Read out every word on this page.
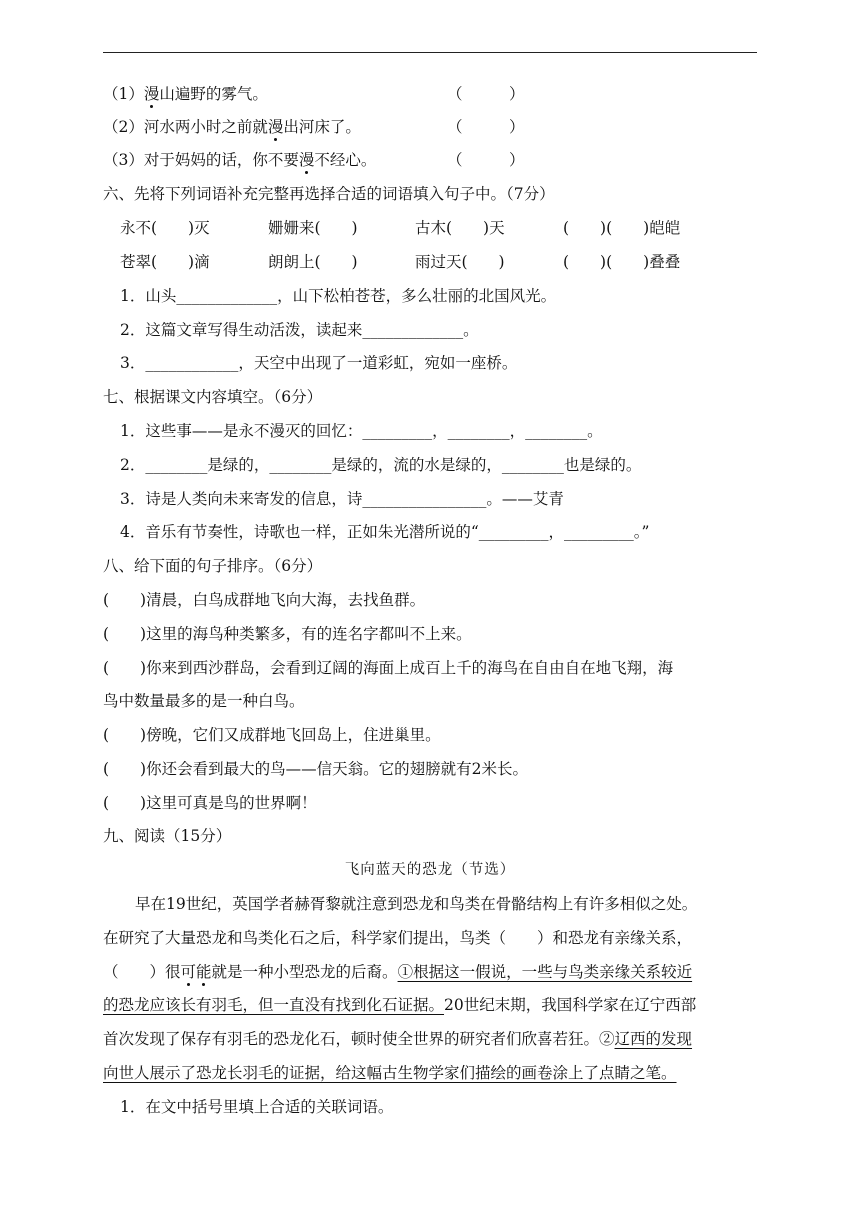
（1）漫山遍野的雾气。	（　　　）
（2）河水两小时之前就漫出河床了。	（　　　）
（3）对于妈妈的话，你不要漫不经心。	（　　　）
六、先将下列词语补充完整再选择合适的词语填入句子中。（7分）
永不(　　)灭	姗姗来(　　)	古木(　　)天	(　　)(　　)皑皑
苍翠(　　)滴	朗朗上(　　)	雨过天(　　)	(　　)(　　)叠叠
1．山头_____________，山下松柏苍苍，多么壮丽的北国风光。
2．这篇文章写得生动活泼，读起来_____________。
3．____________，天空中出现了一道彩虹，宛如一座桥。
七、根据课文内容填空。（6分）
1．这些事——是永不漫灭的回忆：_________，________，________。
2．________是绿的，________是绿的，流的水是绿的，________也是绿的。
3．诗是人类向未来寄发的信息，诗________________。——艾青
4．音乐有节奏性，诗歌也一样，正如朱光潜所说的“_________，_________。”
八、给下面的句子排序。（6分）
(　　)清晨，白鸟成群地飞向大海，去找鱼群。
(　　)这里的海鸟种类繁多，有的连名字都叫不上来。
(　　)你来到西沙群岛，会看到辽阔的海面上成百上千的海鸟在自由自在地飞翔，海
鸟中数量最多的是一种白鸟。
(　　)傍晚，它们又成群地飞回岛上，住进巢里。
(　　)你还会看到最大的鸟——信天翁。它的翅膀就有2米长。
(　　)这里可真是鸟的世界啊！
九、阅读（15分）
飞向蓝天的恐龙（节选）
早在19世纪，英国学者赫胥黎就注意到恐龙和鸟类在骨骼结构上有许多相似之处。
在研究了大量恐龙和鸟类化石之后，科学家们提出，鸟类（　　）和恐龙有亲缘关系，
（　　）很可能就是一种小型恐龙的后裔。①根据这一假说，一些与鸟类亲缘关系较近
的恐龙应该长有羽毛，但一直没有找到化石证据。20世纪末期，我国科学家在辽宁西部
首次发现了保存有羽毛的恐龙化石，顿时使全世界的研究者们欣喜若狂。②辽西的发现
向世人展示了恐龙长羽毛的证据，给这幅古生物学家们描绘的画卷涂上了点睛之笔。
1．在文中括号里填上合适的关联词语。
